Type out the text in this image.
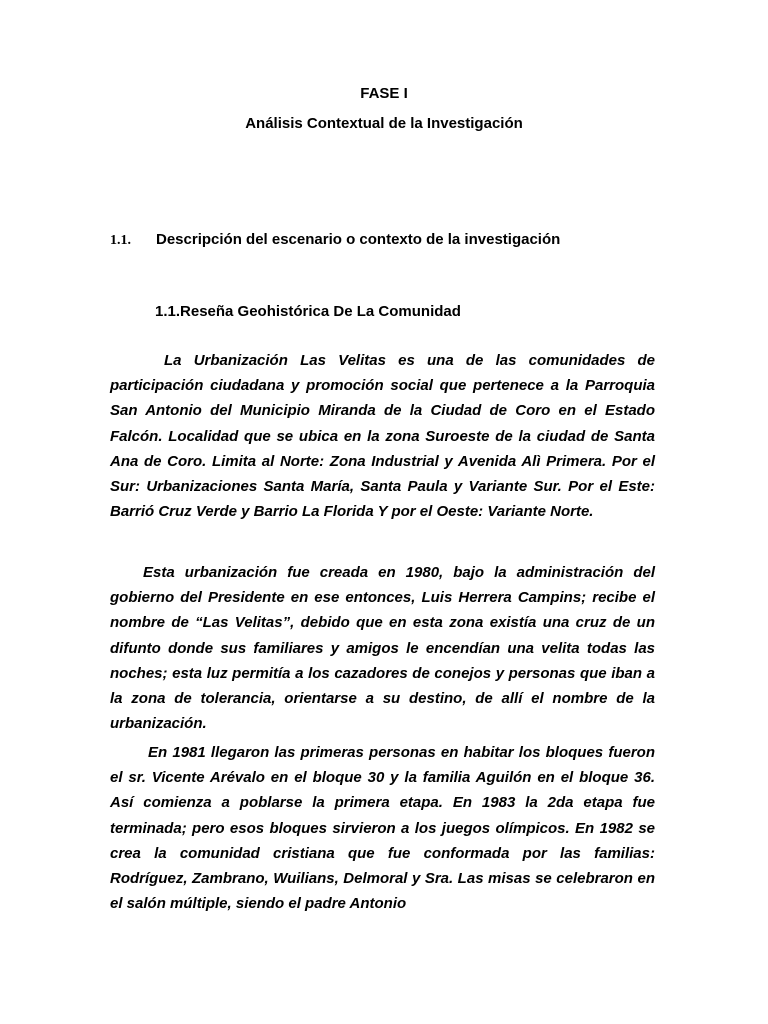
FASE I
Análisis Contextual de la Investigación
1.1. Descripción del escenario o contexto de la investigación
1.1.Reseña Geohistórica De La Comunidad

La Urbanización Las Velitas es una de las comunidades de participación ciudadana y promoción social que pertenece a la Parroquia San Antonio del Municipio Miranda de la Ciudad de Coro en el Estado Falcón. Localidad que se ubica en la zona Suroeste de la ciudad de Santa Ana de Coro. Limita al Norte: Zona Industrial y Avenida Alì Primera. Por el Sur: Urbanizaciones Santa María, Santa Paula y Variante Sur. Por el Este: Barrió Cruz Verde y Barrio La Florida Y por el Oeste: Variante Norte.

Esta urbanización fue creada en 1980, bajo la administración del gobierno del Presidente en ese entonces, Luis Herrera Campins; recibe el nombre de “Las Velitas”, debido que en esta zona existía una cruz de un difunto donde sus familiares y amigos le encendían una velita todas las noches; esta luz permitía a los cazadores de conejos y personas que iban a la zona de tolerancia, orientarse a su destino, de allí el nombre de la urbanización.

En 1981 llegaron las primeras personas en habitar los bloques fueron el sr. Vicente Arévalo en el bloque 30 y la familia Aguilón en el bloque 36. Así comienza a poblarse la primera etapa. En 1983 la 2da etapa fue terminada; pero esos bloques sirvieron a los juegos olímpicos. En 1982 se crea la comunidad cristiana que fue conformada por las familias: Rodríguez, Zambrano, Wuilians, Delmoral y Sra. Las misas se celebraron en el salón múltiple, siendo el padre Antonio
